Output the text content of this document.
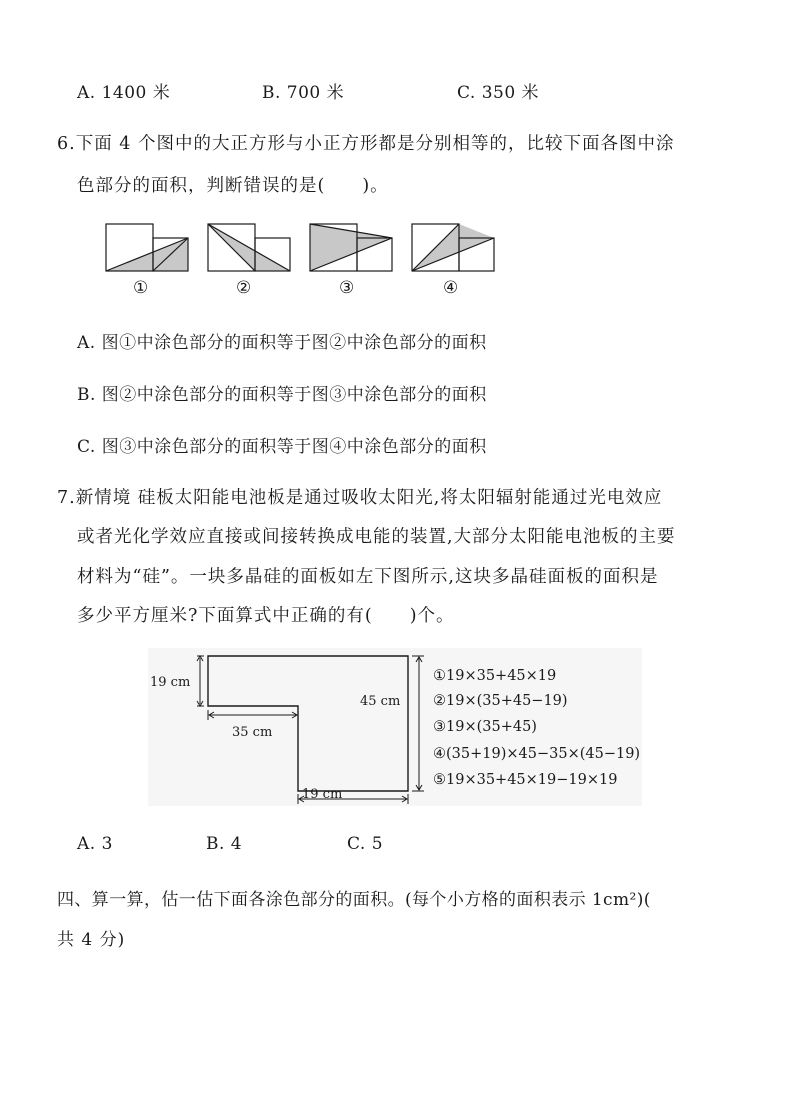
A. 1400 米	B. 700 米	C. 350 米
6.下面 4 个图中的大正方形与小正方形都是分别相等的，比较下面各图中涂
色部分的面积，判断错误的是(　　)。
①	②	③	④
A. 图①中涂色部分的面积等于图②中涂色部分的面积
B. 图②中涂色部分的面积等于图③中涂色部分的面积
C. 图③中涂色部分的面积等于图④中涂色部分的面积
7.新情境 硅板太阳能电池板是通过吸收太阳光,将太阳辐射能通过光电效应
或者光化学效应直接或间接转换成电能的装置,大部分太阳能电池板的主要
材料为“硅”。一块多晶硅的面板如左下图所示,这块多晶硅面板的面积是
多少平方厘米?下面算式中正确的有(　　)个。
19 cm
35 cm
45 cm
19 cm
①19×35+45×19
②19×(35+45−19)
③19×(35+45)
④(35+19)×45−35×(45−19)
⑤19×35+45×19−19×19
A. 3	B. 4	C. 5
四、算一算，估一估下面各涂色部分的面积。(每个小方格的面积表示 1cm²)(
共 4 分)
